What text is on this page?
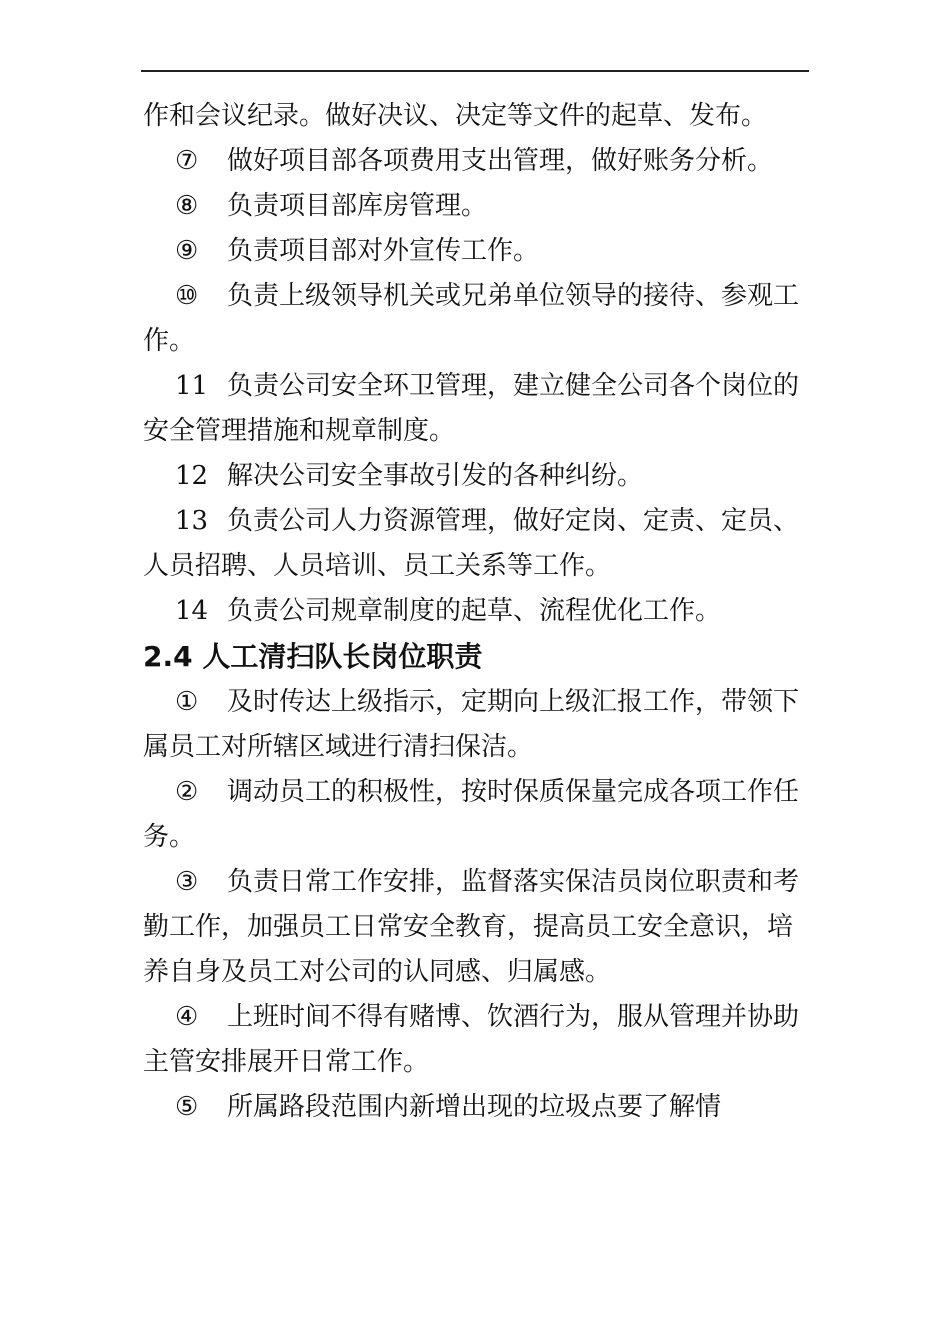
作和会议纪录。做好决议、决定等文件的起草、发布。

⑦ 做好项目部各项费用支出管理，做好账务分析。

⑧ 负责项目部库房管理。

⑨ 负责项目部对外宣传工作。

⑩ 负责上级领导机关或兄弟单位领导的接待、参观工作。

11 负责公司安全环卫管理，建立健全公司各个岗位的安全管理措施和规章制度。

12 解决公司安全事故引发的各种纠纷。

13 负责公司人力资源管理，做好定岗、定责、定员、人员招聘、人员培训、员工关系等工作。

14 负责公司规章制度的起草、流程优化工作。

2.4 人工清扫队长岗位职责

① 及时传达上级指示，定期向上级汇报工作，带领下属员工对所辖区域进行清扫保洁。

② 调动员工的积极性，按时保质保量完成各项工作任务。

③ 负责日常工作安排，监督落实保洁员岗位职责和考勤工作，加强员工日常安全教育，提高员工安全意识，培养自身及员工对公司的认同感、归属感。

④ 上班时间不得有赌博、饮酒行为，服从管理并协助主管安排展开日常工作。

⑤ 所属路段范围内新增出现的垃圾点要了解情
